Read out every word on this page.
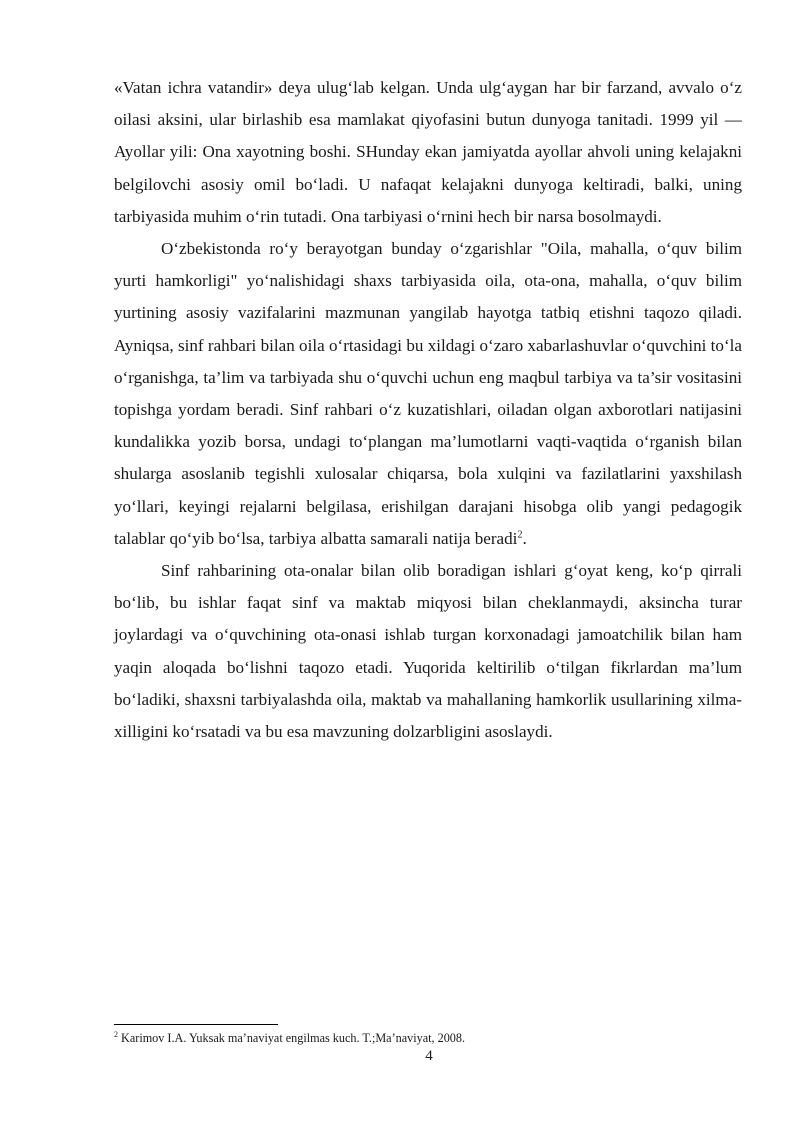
«Vatan ichra vatandir» deya ulug‘lab kelgan. Unda ulg‘aygan har bir farzand, avvalo o‘z oilasi aksini, ular birlashib esa mamlakat qiyofasini butun dunyoga tanitadi. 1999 yil — Ayollar yili: Ona xayotning boshi. SHunday ekan jamiyatda ayollar ahvoli uning kelajakni belgilovchi asosiy omil bo‘ladi. U nafaqat kelajakni dunyoga keltiradi, balki, uning tarbiyasida muhim o‘rin tutadi. Ona tarbiyasi o‘rnini hech bir narsa bosolmaydi.

O‘zbekistonda ro‘y berayotgan bunday o‘zgarishlar "Oila, mahalla, o‘quv bilim yurti hamkorligi" yo‘nalishidagi shaxs tarbiyasida oila, ota-ona, mahalla, o‘quv bilim yurtining asosiy vazifalarini mazmunan yangilab hayotga tatbiq etishni taqozo qiladi. Ayniqsa, sinf rahbari bilan oila o‘rtasidagi bu xildagi o‘zaro xabarlashuvlar o‘quvchini to‘la o‘rganishga, ta’lim va tarbiyada shu o‘quvchi uchun eng maqbul tarbiya va ta’sir vositasini topishga yordam beradi. Sinf rahbari o‘z kuzatishlari, oiladan olgan axborotlari natijasini kundalikka yozib borsa, undagi to‘plangan ma’lumotlarni vaqti-vaqtida o‘rganish bilan shularga asoslanib tegishli xulosalar chiqarsa, bola xulqini va fazilatlarini yaxshilash yo‘llari, keyingi rejalarni belgilasa, erishilgan darajani hisobga olib yangi pedagogik talablar qo‘yib bo‘lsa, tarbiya albatta samarali natija beradi$^2$.

Sinf rahbarining ota-onalar bilan olib boradigan ishlari g‘oyat keng, ko‘p qirrali bo‘lib, bu ishlar faqat sinf va maktab miqyosi bilan cheklanmaydi, aksincha turar joylardagi va o‘quvchining ota-onasi ishlab turgan korxonadagi jamoatchilik bilan ham yaqin aloqada bo‘lishni taqozo etadi. Yuqorida keltirilib o‘tilgan fikrlardan ma’lum bo‘ladiki, shaxsni tarbiyalashda oila, maktab va mahallaning hamkorlik usullarining xilma-xilligini ko‘rsatadi va bu esa mavzuning dolzarbligini asoslaydi.

$^2$ Karimov I.A. Yuksak ma’naviyat engilmas kuch. T.;Ma’naviyat, 2008.
4
